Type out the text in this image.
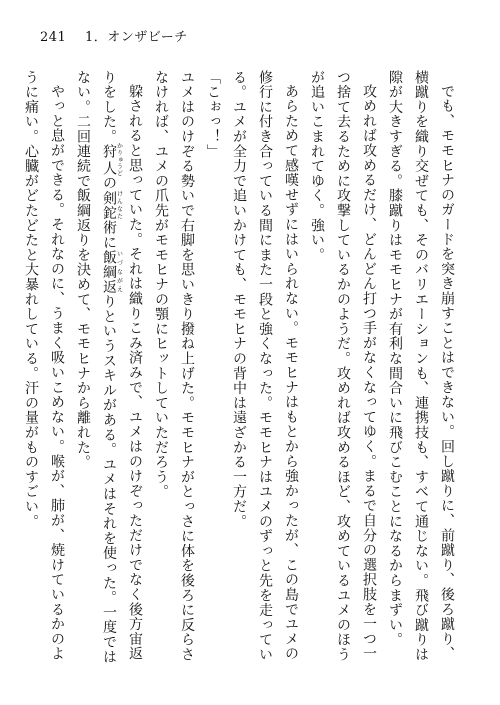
241 1．オンザビーチ

でも、モモヒナのガードを突き崩すことはできない。回し蹴りに、前蹴り、後ろ蹴り、横蹴りを織り交ぜても、そのバリエーションも、連携技も、すべて通じない。飛び蹴りは隙が大きすぎる。膝蹴りはモモヒナが有利な間合いに飛びこむことになるからまずい。

攻めれば攻めるだけ、どんどん打つ手がなくなってゆく。まるで自分の選択肢を一つ一つ捨て去るために攻撃しているかのようだ。攻めれば攻めるほど、攻めているユメのほうが追いこまれてゆく。強い。

あらためて感嘆せずにはいられない。モモヒナはもとから強かったが、この島でユメの修行に付き合っている間にまた一段と強くなった。モモヒナはユメのずっと先を走っている。ユメが全力で追いかけても、モモヒナの背中は遠ざかる一方だ。

「こぉっ！」

ユメはのけぞる勢いで右脚を思いきり撥ね上げた。モモヒナがとっさに体を後ろに反らさなければ、ユメの爪先がモモヒナの顎にヒットしていただろう。

躱されると思っていた。それは織りこみ済みで、ユメはのけぞっただけでなく後方宙返りをした。狩人かりゅうどの剣鉈けんなた術に飯綱返いづながえりというスキルがある。ユメはそれを使った。一度ではない。二回連続で飯綱返りを決めて、モモヒナから離れた。

やっと息ができる。それなのに、うまく吸いこめない。喉が、肺が、焼けているかのように痛い。心臓がどたどたと大暴れしている。汗の量がものすごい。
